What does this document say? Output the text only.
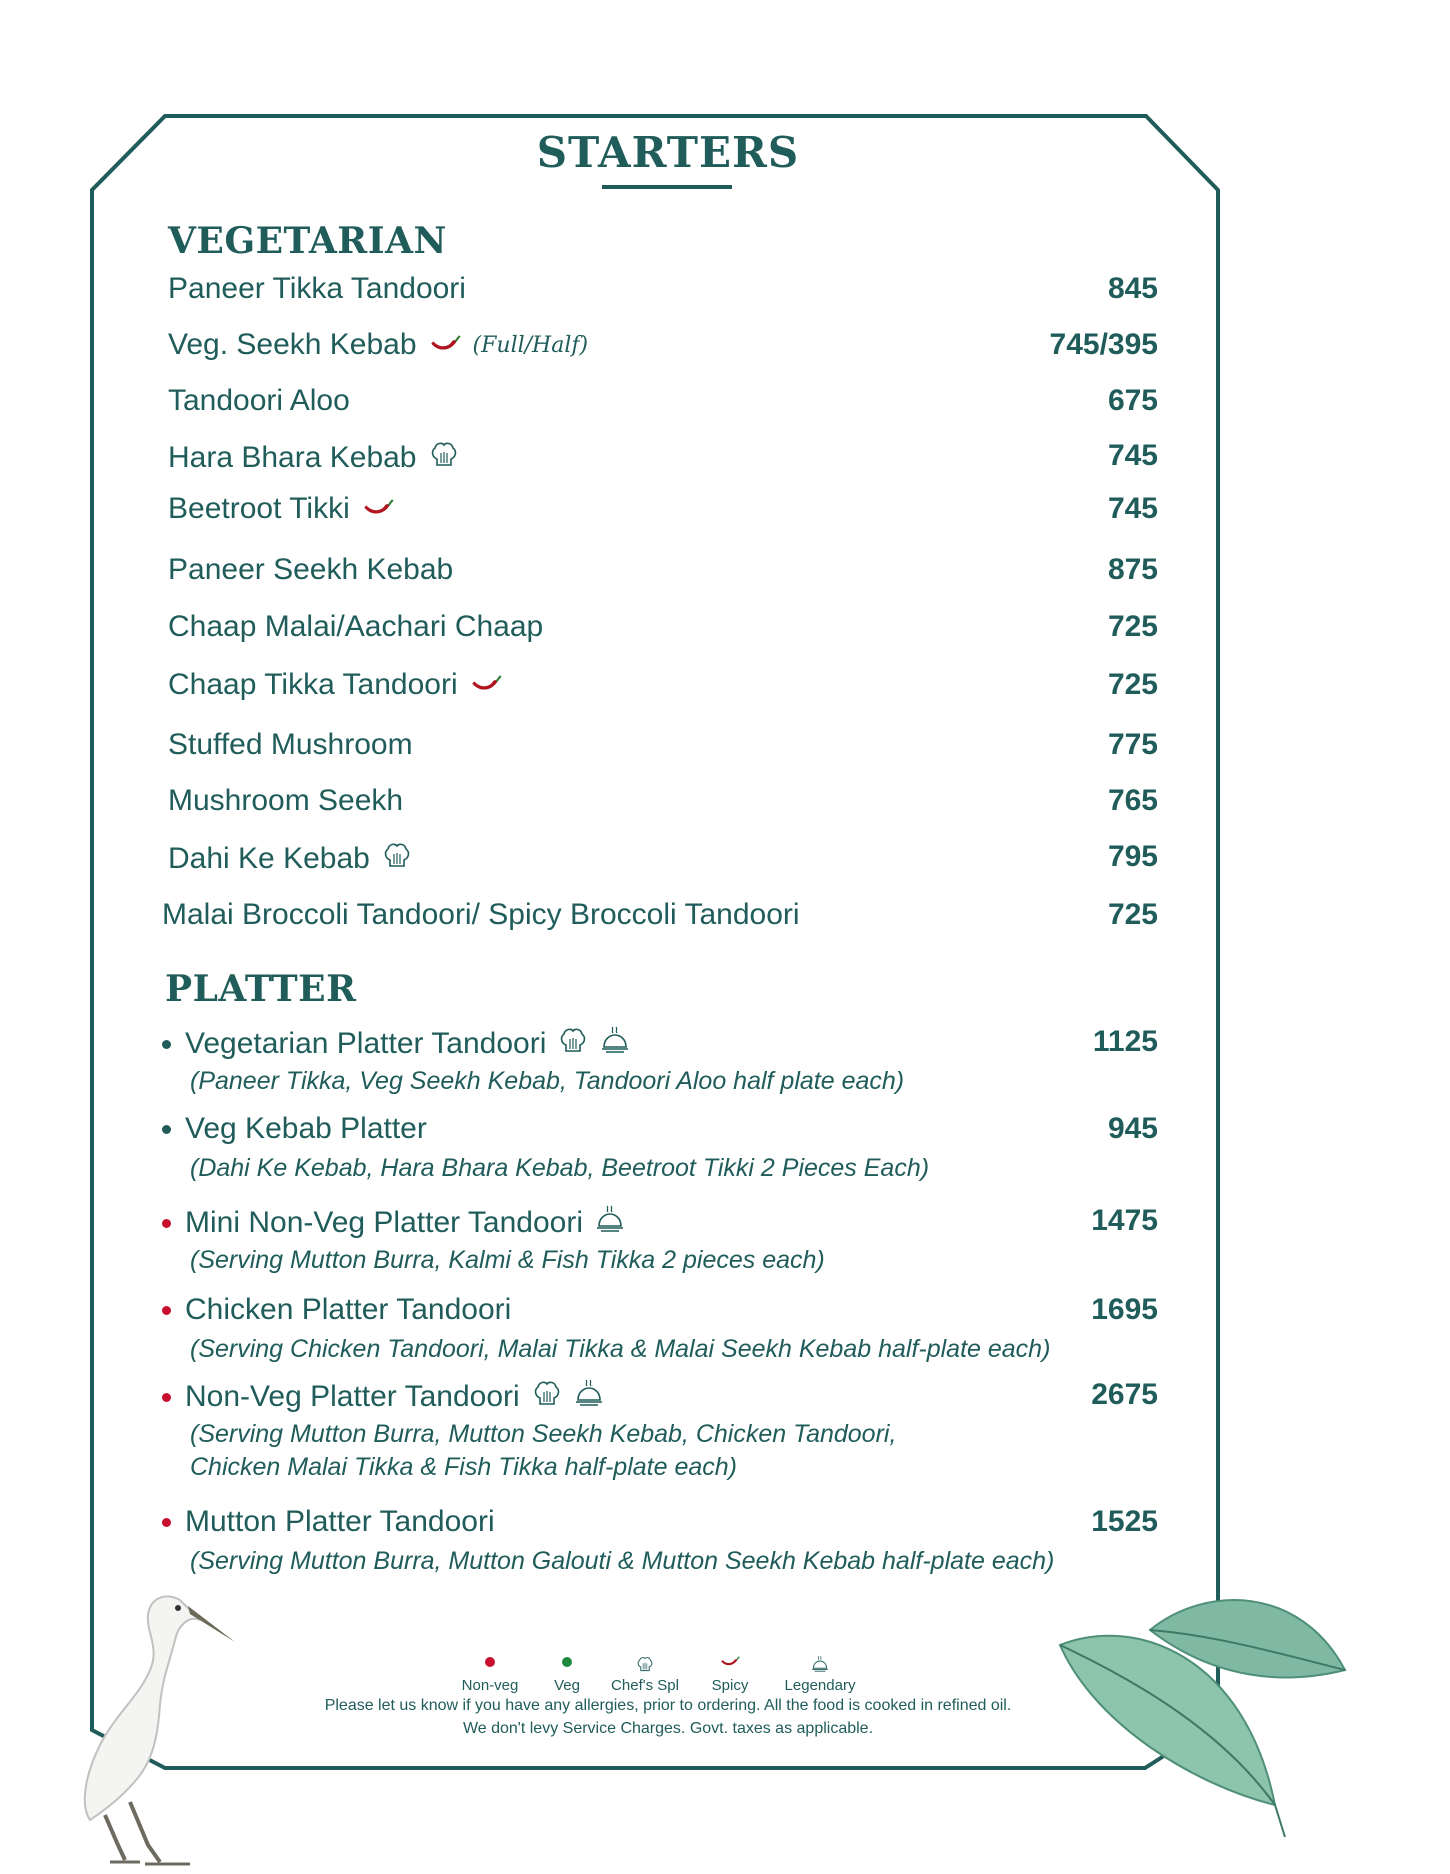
STARTERS
VEGETARIAN
Paneer Tikka Tandoori	845
Veg. Seekh Kebab	(Full/Half)	745/395
Tandoori Aloo	675
Hara Bhara Kebab	745
Beetroot Tikki	745
Paneer Seekh Kebab	875
Chaap Malai/Aachari Chaap	725
Chaap Tikka Tandoori	725
Stuffed Mushroom	775
Mushroom Seekh	765
Dahi Ke Kebab	795
Malai Broccoli Tandoori/ Spicy Broccoli Tandoori	725
PLATTER
Vegetarian Platter Tandoori	1125
(Paneer Tikka, Veg Seekh Kebab, Tandoori Aloo half plate each)
Veg Kebab Platter	945
(Dahi Ke Kebab, Hara Bhara Kebab, Beetroot Tikki 2 Pieces Each)
Mini Non-Veg Platter Tandoori	1475
(Serving Mutton Burra, Kalmi & Fish Tikka 2 pieces each)
Chicken Platter Tandoori	1695
(Serving Chicken Tandoori, Malai Tikka & Malai Seekh Kebab half-plate each)
Non-Veg Platter Tandoori	2675
(Serving Mutton Burra, Mutton Seekh Kebab, Chicken Tandoori,
Chicken Malai Tikka & Fish Tikka half-plate each)
Mutton Platter Tandoori	1525
(Serving Mutton Burra, Mutton Galouti & Mutton Seekh Kebab half-plate each)
Non-veg	Veg	Chef's Spl	Spicy	Legendary
Please let us know if you have any allergies, prior to ordering. All the food is cooked in refined oil.
We don't levy Service Charges. Govt. taxes as applicable.
